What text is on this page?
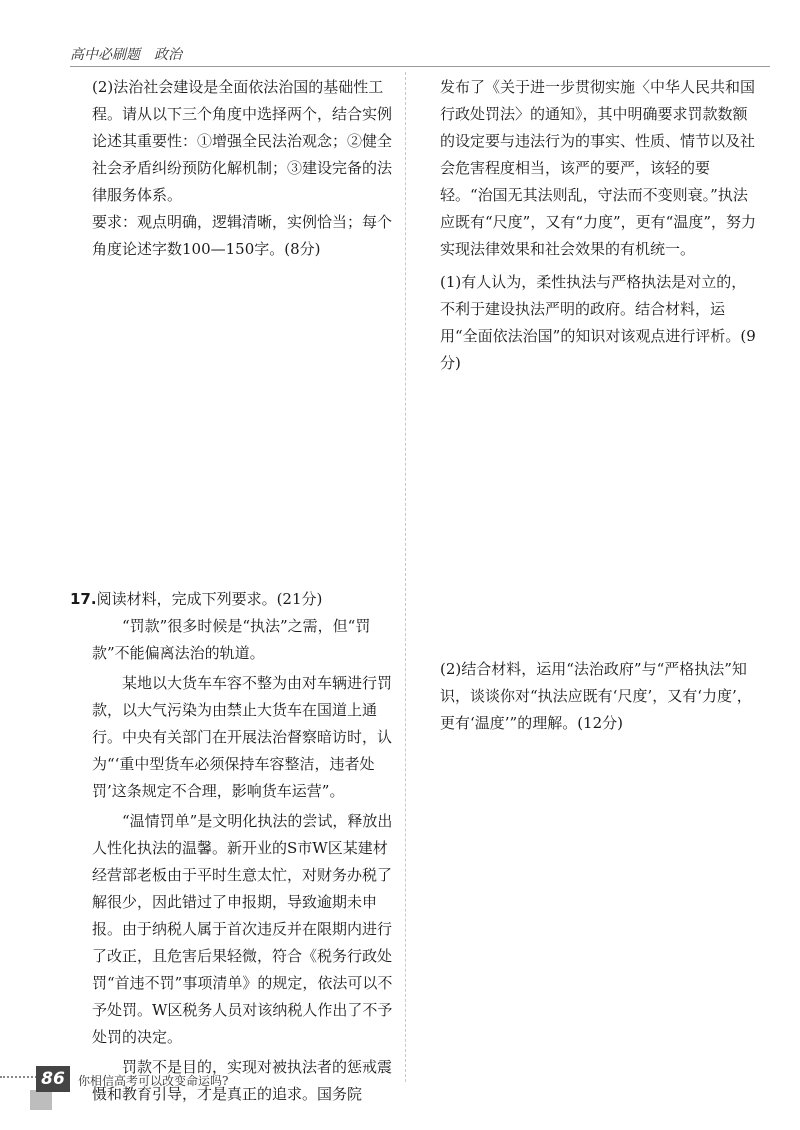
高中必刷题　政治

(2)法治社会建设是全面依法治国的基础性工程。请从以下三个角度中选择两个，结合实例论述其重要性：①增强全民法治观念；②健全社会矛盾纠纷预防化解机制；③建设完备的法律服务体系。

要求：观点明确，逻辑清晰，实例恰当；每个角度论述字数100—150字。(8分)

17.阅读材料，完成下列要求。(21分)

“罚款”很多时候是“执法”之需，但“罚款”不能偏离法治的轨道。

某地以大货车车容不整为由对车辆进行罚款，以大气污染为由禁止大货车在国道上通行。中央有关部门在开展法治督察暗访时，认为“‘重中型货车必须保持车容整洁，违者处罚’这条规定不合理，影响货车运营”。

“温情罚单”是文明化执法的尝试，释放出人性化执法的温馨。新开业的S市W区某建材经营部老板由于平时生意太忙，对财务办税了解很少，因此错过了申报期，导致逾期未申报。由于纳税人属于首次违反并在限期内进行了改正，且危害后果轻微，符合《税务行政处罚“首违不罚”事项清单》的规定，依法可以不予处罚。W区税务人员对该纳税人作出了不予处罚的决定。

罚款不是目的，实现对被执法者的惩戒震慑和教育引导，才是真正的追求。国务院

发布了《关于进一步贯彻实施〈中华人民共和国行政处罚法〉的通知》，其中明确要求罚款数额的设定要与违法行为的事实、性质、情节以及社会危害程度相当，该严的要严，该轻的要轻。“治国无其法则乱，守法而不变则衰。”执法应既有“尺度”，又有“力度”，更有“温度”，努力实现法律效果和社会效果的有机统一。

(1)有人认为，柔性执法与严格执法是对立的，不利于建设执法严明的政府。结合材料，运用“全面依法治国”的知识对该观点进行评析。(9分)

(2)结合材料，运用“法治政府”与“严格执法”知识，谈谈你对“执法应既有‘尺度’，又有‘力度’，更有‘温度’”的理解。(12分)

86	你相信高考可以改变命运吗?
